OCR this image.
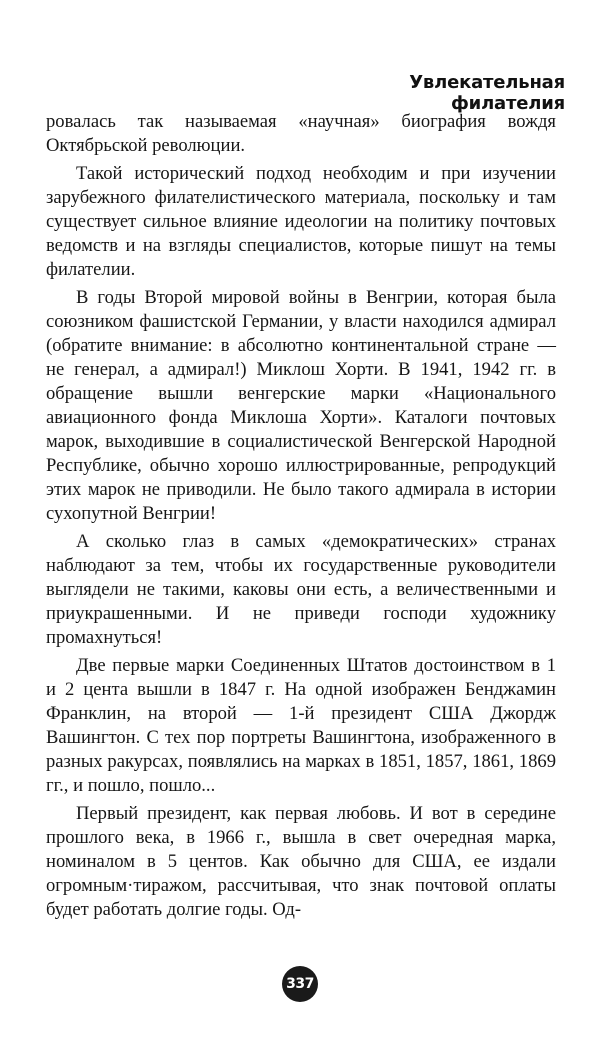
Увлекательная филателия

ровалась так называемая «научная» биография вождя Октябрьской революции.

Такой исторический подход необходим и при изучении зарубежного филателистического материала, поскольку и там существует сильное влияние идеологии на политику почтовых ведомств и на взгляды специалистов, которые пишут на темы филателии.

В годы Второй мировой войны в Венгрии, которая была союзником фашистской Германии, у власти находился адмирал (обратите внимание: в абсолютно континентальной стране — не генерал, а адмирал!) Миклош Хорти. В 1941, 1942 гг. в обращение вышли венгерские марки «Национального авиационного фонда Миклоша Хорти». Каталоги почтовых марок, выходившие в социалистической Венгерской Народной Республике, обычно хорошо иллюстрированные, репродукций этих марок не приводили. Не было такого адмирала в истории сухопутной Венгрии!

А сколько глаз в самых «демократических» странах наблюдают за тем, чтобы их государственные руководители выглядели не такими, каковы они есть, а величественными и приукрашенными. И не приведи господи художнику промахнуться!

Две первые марки Соединенных Штатов достоинством в 1 и 2 цента вышли в 1847 г. На одной изображен Бенджамин Франклин, на второй — 1-й президент США Джордж Вашингтон. С тех пор портреты Вашингтона, изображенного в разных ракурсах, появлялись на марках в 1851, 1857, 1861, 1869 гг., и пошло, пошло...

Первый президент, как первая любовь. И вот в середине прошлого века, в 1966 г., вышла в свет очередная марка, номиналом в 5 центов. Как обычно для США, ее издали огромным·тиражом, рассчитывая, что знак почтовой оплаты будет работать долгие годы. Од-

337
